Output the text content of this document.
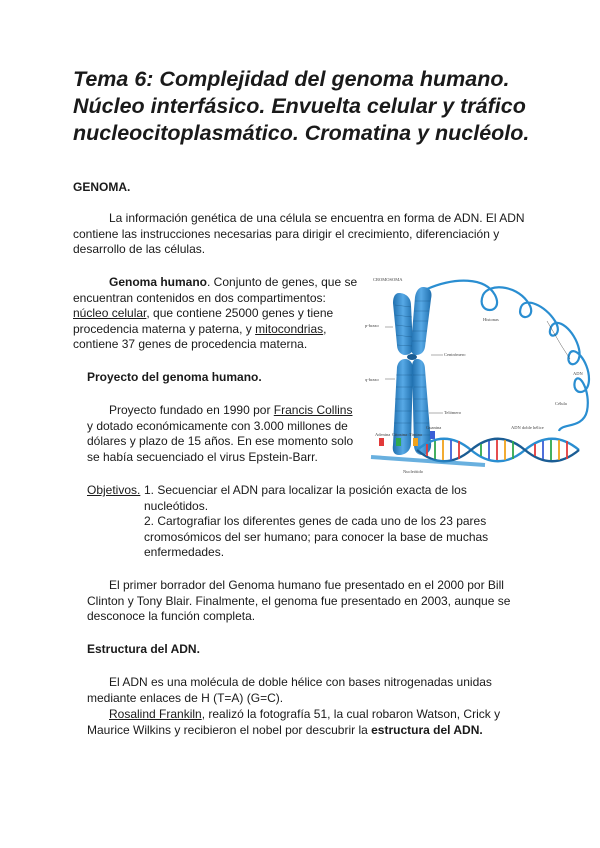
Tema 6: Complejidad del genoma humano. Núcleo interfásico. Envuelta celular y tráfico nucleocitoplasmático. Cromatina y nucléolo.

GENOMA.

La información genética de una célula se encuentra en forma de ADN. El ADN contiene las instrucciones necesarias para dirigir el crecimiento, diferenciación y desarrollo de las células.

Genoma humano. Conjunto de genes, que se encuentran contenidos en dos compartimentos: núcleo celular, que contiene 25000 genes y tiene procedencia materna y paterna, y mitocondrias, contiene 37 genes de procedencia materna.

Proyecto del genoma humano.

Proyecto fundado en 1990 por Francis Collins y dotado económicamente con 3.000 millones de dólares y plazo de 15 años. En ese momento solo se había secuenciado el virus Epstein-Barr.

Objetivos. 1. Secuenciar el ADN para localizar la posición exacta de los nucleótidos.

2. Cartografiar los diferentes genes de cada uno de los 23 pares cromosómicos del ser humano; para conocer la base de muchas enfermedades.

El primer borrador del Genoma humano fue presentado en el 2000 por Bill Clinton y Tony Blair. Finalmente, el genoma fue presentado en 2003, aunque se desconoce la función completa.

Estructura del ADN.

El ADN es una molécula de doble hélice con bases nitrogenadas unidas mediante enlaces de H (T=A) (G=C).

Rosalind Frankiln, realizó la fotografía 51, la cual robaron Watson, Crick y Maurice Wilkins y recibieron el nobel por descubrir la estructura del ADN.

CROMOSOMA
p-brazo
Centrómero
q-brazo
Telómero
Histonas
ADN
Célula
ADN doble hélice
Adenina Citosina Timina
Guanina
Nucleótido
